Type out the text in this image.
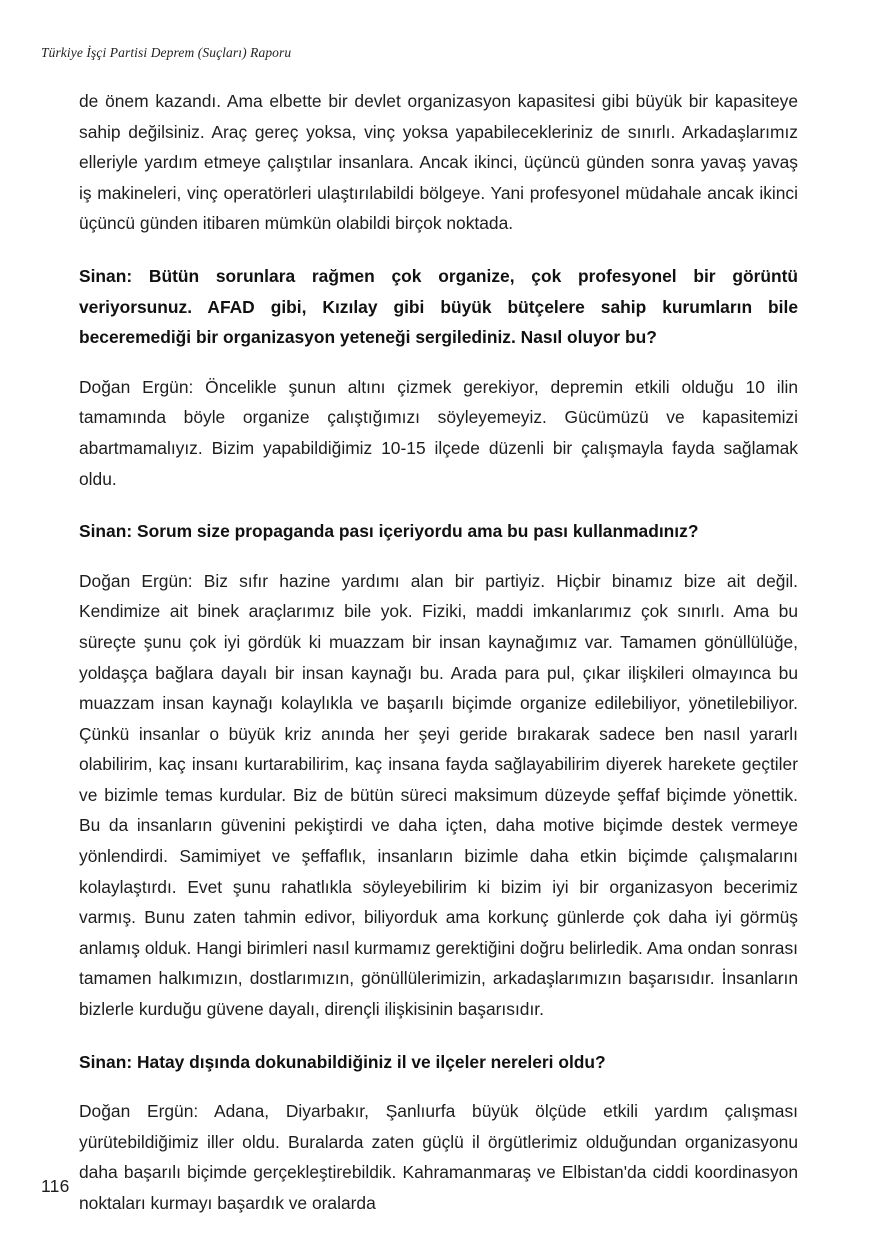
Türkiye İşçi Partisi Deprem (Suçları) Raporu

de önem kazandı. Ama elbette bir devlet organizasyon kapasitesi gibi büyük bir kapasiteye sahip değilsiniz. Araç gereç yoksa, vinç yoksa yapabilecekleriniz de sınırlı. Arkadaşlarımız elleriyle yardım etmeye çalıştılar insanlara. Ancak ikinci, üçüncü günden sonra yavaş yavaş iş makineleri, vinç operatörleri ulaştırılabildi bölgeye. Yani profesyonel müdahale ancak ikinci üçüncü günden itibaren mümkün olabildi birçok noktada.

Sinan: Bütün sorunlara rağmen çok organize, çok profesyonel bir görüntü veriyorsunuz. AFAD gibi, Kızılay gibi büyük bütçelere sahip kurumların bile beceremediği bir organizasyon yeteneği sergilediniz. Nasıl oluyor bu?

Doğan Ergün: Öncelikle şunun altını çizmek gerekiyor, depremin etkili olduğu 10 ilin tamamında böyle organize çalıştığımızı söyleyemeyiz. Gücümüzü ve kapasitemizi abartmamalıyız. Bizim yapabildiğimiz 10-15 ilçede düzenli bir çalışmayla fayda sağlamak oldu.

Sinan: Sorum size propaganda pası içeriyordu ama bu pası kullanmadınız?

Doğan Ergün: Biz sıfır hazine yardımı alan bir partiyiz. Hiçbir binamız bize ait değil. Kendimize ait binek araçlarımız bile yok. Fiziki, maddi imkanlarımız çok sınırlı. Ama bu süreçte şunu çok iyi gördük ki muazzam bir insan kaynağımız var. Tamamen gönüllülüğe, yoldaşça bağlara dayalı bir insan kaynağı bu. Arada para pul, çıkar ilişkileri olmayınca bu muazzam insan kaynağı kolaylıkla ve başarılı biçimde organize edilebiliyor, yönetilebiliyor. Çünkü insanlar o büyük kriz anında her şeyi geride bırakarak sadece ben nasıl yararlı olabilirim, kaç insanı kurtarabilirim, kaç insana fayda sağlayabilirim diyerek harekete geçtiler ve bizimle temas kurdular. Biz de bütün süreci maksimum düzeyde şeffaf biçimde yönettik. Bu da insanların güvenini pekiştirdi ve daha içten, daha motive biçimde destek vermeye yönlendirdi. Samimiyet ve şeffaflık, insanların bizimle daha etkin biçimde çalışmalarını kolaylaştırdı. Evet şunu rahatlıkla söyleyebilirim ki bizim iyi bir organizasyon becerimiz varmış. Bunu zaten tahmin edivor, biliyorduk ama korkunç günlerde çok daha iyi görmüş anlamış olduk. Hangi birimleri nasıl kurmamız gerektiğini doğru belirledik. Ama ondan sonrası tamamen halkımızın, dostlarımızın, gönüllülerimizin, arkadaşlarımızın başarısıdır. İnsanların bizlerle kurduğu güvene dayalı, dirençli ilişkisinin başarısıdır.

Sinan: Hatay dışında dokunabildiğiniz il ve ilçeler nereleri oldu?

Doğan Ergün: Adana, Diyarbakır, Şanlıurfa büyük ölçüde etkili yardım çalışması yürütebildiğimiz iller oldu. Buralarda zaten güçlü il örgütlerimiz olduğundan organizasyonu daha başarılı biçimde gerçekleştirebildik. Kahramanmaraş ve Elbistan'da ciddi koordinasyon noktaları kurmayı başardık ve oralarda

116
